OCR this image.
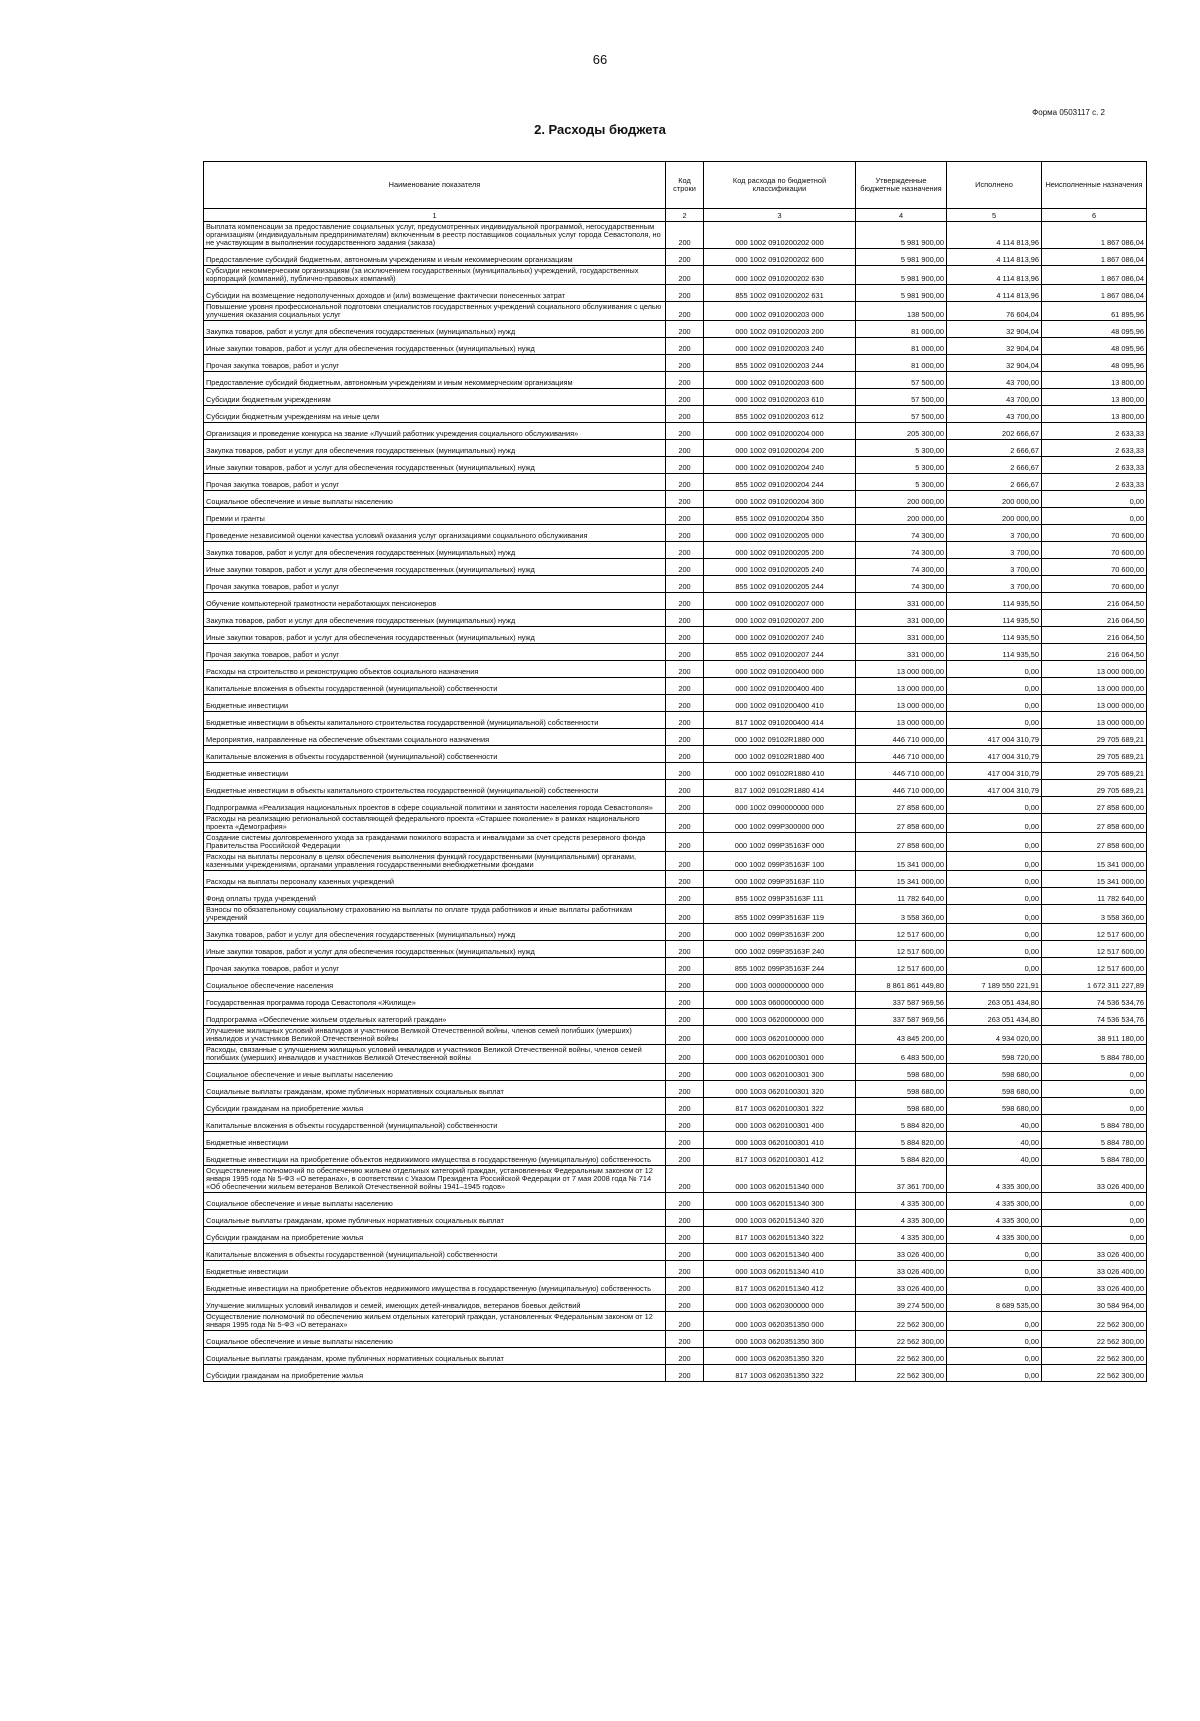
66
Форма 0503117 с. 2
2. Расходы бюджета
Наименование показателя	Код строки	Код расхода по бюджетной классификации	Утвержденные бюджетные назначения	Исполнено	Неисполненные назначения
1	2	3	4	5	6
Выплата компенсации за предоставление социальных услуг, предусмотренных индивидуальной программой, негосударственным организациям (индивидуальным предпринимателям) включенным в реестр поставщиков социальных услуг города Севастополя, но не участвующим в выполнении государственного задания (заказа)	200	000 1002 0910200202 000	5 981 900,00	4 114 813,96	1 867 086,04
Предоставление субсидий бюджетным, автономным учреждениям и иным некоммерческим организациям	200	000 1002 0910200202 600	5 981 900,00	4 114 813,96	1 867 086,04
Субсидии некоммерческим организациям (за исключением государственных (муниципальных) учреждений, государственных корпораций (компаний), публично-правовых компаний)	200	000 1002 0910200202 630	5 981 900,00	4 114 813,96	1 867 086,04
Субсидии на возмещение недополученных доходов и (или) возмещение фактически понесенных затрат	200	855 1002 0910200202 631	5 981 900,00	4 114 813,96	1 867 086,04
Повышение уровня профессиональной подготовки специалистов государственных учреждений социального обслуживания с целью улучшения оказания социальных услуг	200	000 1002 0910200203 000	138 500,00	76 604,04	61 895,96
Закупка товаров, работ и услуг для обеспечения государственных (муниципальных) нужд	200	000 1002 0910200203 200	81 000,00	32 904,04	48 095,96
Иные закупки товаров, работ и услуг для обеспечения государственных (муниципальных) нужд	200	000 1002 0910200203 240	81 000,00	32 904,04	48 095,96
Прочая закупка товаров, работ и услуг	200	855 1002 0910200203 244	81 000,00	32 904,04	48 095,96
Предоставление субсидий бюджетным, автономным учреждениям и иным некоммерческим организациям	200	000 1002 0910200203 600	57 500,00	43 700,00	13 800,00
Субсидии бюджетным учреждениям	200	000 1002 0910200203 610	57 500,00	43 700,00	13 800,00
Субсидии бюджетным учреждениям на иные цели	200	855 1002 0910200203 612	57 500,00	43 700,00	13 800,00
Организация и проведение конкурса на звание «Лучший работник учреждения социального обслуживания»	200	000 1002 0910200204 000	205 300,00	202 666,67	2 633,33
Закупка товаров, работ и услуг для обеспечения государственных (муниципальных) нужд	200	000 1002 0910200204 200	5 300,00	2 666,67	2 633,33
Иные закупки товаров, работ и услуг для обеспечения государственных (муниципальных) нужд	200	000 1002 0910200204 240	5 300,00	2 666,67	2 633,33
Прочая закупка товаров, работ и услуг	200	855 1002 0910200204 244	5 300,00	2 666,67	2 633,33
Социальное обеспечение и иные выплаты населению	200	000 1002 0910200204 300	200 000,00	200 000,00	0,00
Премии и гранты	200	855 1002 0910200204 350	200 000,00	200 000,00	0,00
Проведение независимой оценки качества условий оказания услуг организациями социального обслуживания	200	000 1002 0910200205 000	74 300,00	3 700,00	70 600,00
Закупка товаров, работ и услуг для обеспечения государственных (муниципальных) нужд	200	000 1002 0910200205 200	74 300,00	3 700,00	70 600,00
Иные закупки товаров, работ и услуг для обеспечения государственных (муниципальных) нужд	200	000 1002 0910200205 240	74 300,00	3 700,00	70 600,00
Прочая закупка товаров, работ и услуг	200	855 1002 0910200205 244	74 300,00	3 700,00	70 600,00
Обучение компьютерной грамотности неработающих пенсионеров	200	000 1002 0910200207 000	331 000,00	114 935,50	216 064,50
Закупка товаров, работ и услуг для обеспечения государственных (муниципальных) нужд	200	000 1002 0910200207 200	331 000,00	114 935,50	216 064,50
Иные закупки товаров, работ и услуг для обеспечения государственных (муниципальных) нужд	200	000 1002 0910200207 240	331 000,00	114 935,50	216 064,50
Прочая закупка товаров, работ и услуг	200	855 1002 0910200207 244	331 000,00	114 935,50	216 064,50
Расходы на строительство и реконструкцию объектов социального назначения	200	000 1002 0910200400 000	13 000 000,00	0,00	13 000 000,00
Капитальные вложения в объекты государственной (муниципальной) собственности	200	000 1002 0910200400 400	13 000 000,00	0,00	13 000 000,00
Бюджетные инвестиции	200	000 1002 0910200400 410	13 000 000,00	0,00	13 000 000,00
Бюджетные инвестиции в объекты капитального строительства государственной (муниципальной) собственности	200	817 1002 0910200400 414	13 000 000,00	0,00	13 000 000,00
Мероприятия, направленные на обеспечение объектами социального назначения	200	000 1002 09102R1880 000	446 710 000,00	417 004 310,79	29 705 689,21
Капитальные вложения в объекты государственной (муниципальной) собственности	200	000 1002 09102R1880 400	446 710 000,00	417 004 310,79	29 705 689,21
Бюджетные инвестиции	200	000 1002 09102R1880 410	446 710 000,00	417 004 310,79	29 705 689,21
Бюджетные инвестиции в объекты капитального строительства государственной (муниципальной) собственности	200	817 1002 09102R1880 414	446 710 000,00	417 004 310,79	29 705 689,21
Подпрограмма «Реализация национальных проектов в сфере социальной политики и занятости населения города Севастополя»	200	000 1002 0990000000 000	27 858 600,00	0,00	27 858 600,00
Расходы на реализацию региональной составляющей федерального проекта «Старшее поколение» в рамках национального проекта «Демография»	200	000 1002 099P300000 000	27 858 600,00	0,00	27 858 600,00
Создание системы долговременного ухода за гражданами пожилого возраста и инвалидами за счет средств резервного фонда Правительства Российской Федерации	200	000 1002 099P35163F 000	27 858 600,00	0,00	27 858 600,00
Расходы на выплаты персоналу в целях обеспечения выполнения функций государственными (муниципальными) органами, казенными учреждениями, органами управления государственными внебюджетными фондами	200	000 1002 099P35163F 100	15 341 000,00	0,00	15 341 000,00
Расходы на выплаты персоналу казенных учреждений	200	000 1002 099P35163F 110	15 341 000,00	0,00	15 341 000,00
Фонд оплаты труда учреждений	200	855 1002 099P35163F 111	11 782 640,00	0,00	11 782 640,00
Взносы по обязательному социальному страхованию на выплаты по оплате труда работников и иные выплаты работникам учреждений	200	855 1002 099P35163F 119	3 558 360,00	0,00	3 558 360,00
Закупка товаров, работ и услуг для обеспечения государственных (муниципальных) нужд	200	000 1002 099P35163F 200	12 517 600,00	0,00	12 517 600,00
Иные закупки товаров, работ и услуг для обеспечения государственных (муниципальных) нужд	200	000 1002 099P35163F 240	12 517 600,00	0,00	12 517 600,00
Прочая закупка товаров, работ и услуг	200	855 1002 099P35163F 244	12 517 600,00	0,00	12 517 600,00
Социальное обеспечение населения	200	000 1003 0000000000 000	8 861 861 449,80	7 189 550 221,91	1 672 311 227,89
Государственная программа города Севастополя «Жилище»	200	000 1003 0600000000 000	337 587 969,56	263 051 434,80	74 536 534,76
Подпрограмма «Обеспечение жильем отдельных категорий граждан»	200	000 1003 0620000000 000	337 587 969,56	263 051 434,80	74 536 534,76
Улучшение жилищных условий инвалидов и участников Великой Отечественной войны, членов семей погибших (умерших) инвалидов и участников Великой Отечественной войны	200	000 1003 0620100000 000	43 845 200,00	4 934 020,00	38 911 180,00
Расходы, связанные с улучшением жилищных условий инвалидов и участников Великой Отечественной войны, членов семей погибших (умерших) инвалидов и участников Великой Отечественной войны	200	000 1003 0620100301 000	6 483 500,00	598 720,00	5 884 780,00
Социальное обеспечение и иные выплаты населению	200	000 1003 0620100301 300	598 680,00	598 680,00	0,00
Социальные выплаты гражданам, кроме публичных нормативных социальных выплат	200	000 1003 0620100301 320	598 680,00	598 680,00	0,00
Субсидии гражданам на приобретение жилья	200	817 1003 0620100301 322	598 680,00	598 680,00	0,00
Капитальные вложения в объекты государственной (муниципальной) собственности	200	000 1003 0620100301 400	5 884 820,00	40,00	5 884 780,00
Бюджетные инвестиции	200	000 1003 0620100301 410	5 884 820,00	40,00	5 884 780,00
Бюджетные инвестиции на приобретение объектов недвижимого имущества в государственную (муниципальную) собственность	200	817 1003 0620100301 412	5 884 820,00	40,00	5 884 780,00
Осуществление полномочий по обеспечению жильем отдельных категорий граждан, установленных Федеральным законом от 12 января 1995 года № 5-ФЗ «О ветеранах», в соответствии с Указом Президента Российской Федерации от 7 мая 2008 года № 714 «Об обеспечении жильем ветеранов Великой Отечественной войны 1941–1945 годов»	200	000 1003 0620151340 000	37 361 700,00	4 335 300,00	33 026 400,00
Социальное обеспечение и иные выплаты населению	200	000 1003 0620151340 300	4 335 300,00	4 335 300,00	0,00
Социальные выплаты гражданам, кроме публичных нормативных социальных выплат	200	000 1003 0620151340 320	4 335 300,00	4 335 300,00	0,00
Субсидии гражданам на приобретение жилья	200	817 1003 0620151340 322	4 335 300,00	4 335 300,00	0,00
Капитальные вложения в объекты государственной (муниципальной) собственности	200	000 1003 0620151340 400	33 026 400,00	0,00	33 026 400,00
Бюджетные инвестиции	200	000 1003 0620151340 410	33 026 400,00	0,00	33 026 400,00
Бюджетные инвестиции на приобретение объектов недвижимого имущества в государственную (муниципальную) собственность	200	817 1003 0620151340 412	33 026 400,00	0,00	33 026 400,00
Улучшение жилищных условий инвалидов и семей, имеющих детей-инвалидов, ветеранов боевых действий	200	000 1003 0620300000 000	39 274 500,00	8 689 535,00	30 584 964,00
Осуществление полномочий по обеспечению жильем отдельных категорий граждан, установленных Федеральным законом от 12 января 1995 года № 5-ФЗ «О ветеранах»	200	000 1003 0620351350 000	22 562 300,00	0,00	22 562 300,00
Социальное обеспечение и иные выплаты населению	200	000 1003 0620351350 300	22 562 300,00	0,00	22 562 300,00
Социальные выплаты гражданам, кроме публичных нормативных социальных выплат	200	000 1003 0620351350 320	22 562 300,00	0,00	22 562 300,00
Субсидии гражданам на приобретение жилья	200	817 1003 0620351350 322	22 562 300,00	0,00	22 562 300,00
